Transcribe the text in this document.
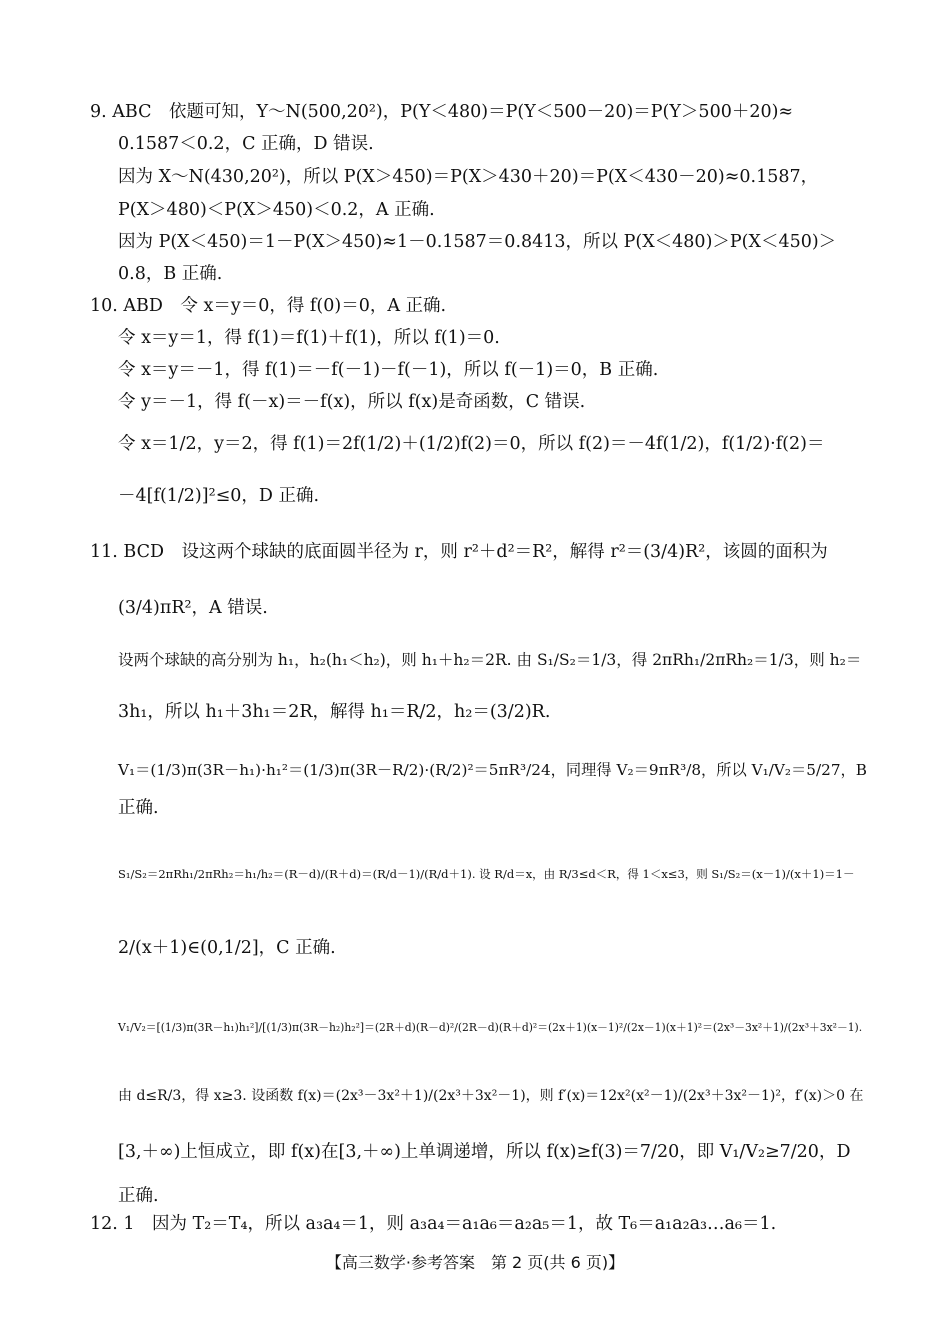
9. ABC　依题可知，Y～N(500,20²)，P(Y＜480)＝P(Y＜500－20)＝P(Y＞500＋20)≈
0.1587＜0.2，C 正确，D 错误.
因为 X～N(430,20²)，所以 P(X＞450)＝P(X＞430＋20)＝P(X＜430－20)≈0.1587，
P(X＞480)＜P(X＞450)＜0.2，A 正确.
因为 P(X＜450)＝1－P(X＞450)≈1－0.1587＝0.8413，所以 P(X＜480)＞P(X＜450)＞
0.8，B 正确.
10. ABD　令 x＝y＝0，得 f(0)＝0，A 正确.
令 x＝y＝1，得 f(1)＝f(1)＋f(1)，所以 f(1)＝0.
令 x＝y＝－1，得 f(1)＝－f(－1)－f(－1)，所以 f(－1)＝0，B 正确.
令 y＝－1，得 f(－x)＝－f(x)，所以 f(x)是奇函数，C 错误.
令 x＝1/2，y＝2，得 f(1)＝2f(1/2)＋(1/2)f(2)＝0，所以 f(2)＝－4f(1/2)，f(1/2)·f(2)＝
－4[f(1/2)]²≤0，D 正确.
11. BCD　设这两个球缺的底面圆半径为 r，则 r²＋d²＝R²，解得 r²＝(3/4)R²，该圆的面积为
(3/4)πR²，A 错误.
设两个球缺的高分别为 h₁，h₂(h₁＜h₂)，则 h₁＋h₂＝2R. 由 S₁/S₂＝1/3，得 2πRh₁/2πRh₂＝1/3，则 h₂＝
3h₁，所以 h₁＋3h₁＝2R，解得 h₁＝R/2，h₂＝(3/2)R.
V₁＝(1/3)π(3R－h₁)·h₁²＝(1/3)π(3R－R/2)·(R/2)²＝5πR³/24，同理得 V₂＝9πR³/8，所以 V₁/V₂＝5/27，B
正确.
S₁/S₂＝2πRh₁/2πRh₂＝h₁/h₂＝(R－d)/(R＋d)＝(R/d－1)/(R/d＋1). 设 R/d＝x，由 R/3≤d＜R，得 1＜x≤3，则 S₁/S₂＝(x－1)/(x＋1)＝1－
2/(x＋1)∈(0,1/2]，C 正确.
V₁/V₂＝[(1/3)π(3R－h₁)h₁²]/[(1/3)π(3R－h₂)h₂²]＝(2R＋d)(R－d)²/(2R－d)(R＋d)²＝(2x＋1)(x－1)²/(2x－1)(x＋1)²＝(2x³－3x²＋1)/(2x³＋3x²－1).
由 d≤R/3，得 x≥3. 设函数 f(x)＝(2x³－3x²＋1)/(2x³＋3x²－1)，则 f′(x)＝12x²(x²－1)/(2x³＋3x²－1)²，f′(x)＞0 在
[3,＋∞)上恒成立，即 f(x)在[3,＋∞)上单调递增，所以 f(x)≥f(3)＝7/20，即 V₁/V₂≥7/20，D
正确.
12. 1　因为 T₂＝T₄，所以 a₃a₄＝1，则 a₃a₄＝a₁a₆＝a₂a₅＝1，故 T₆＝a₁a₂a₃…a₆＝1.
【高三数学·参考答案　第 2 页(共 6 页)】
